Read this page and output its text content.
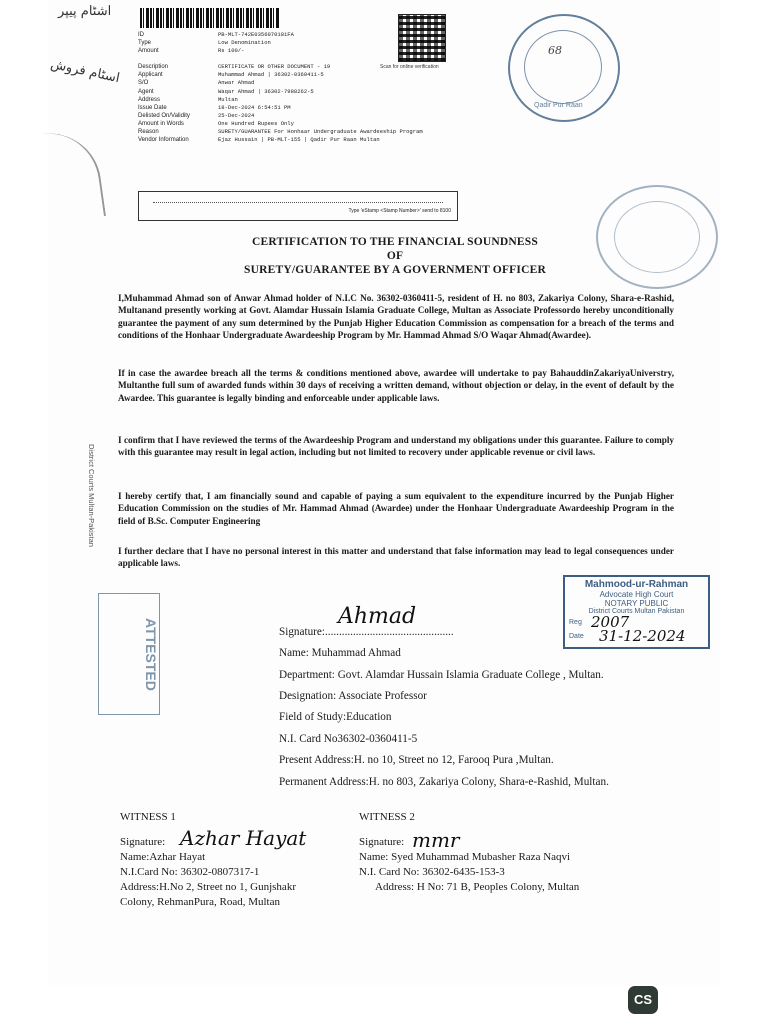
اشٹام پیپر
اسٹام فروش	Scan for online verification
ID	PB-MLT-742E0356070181FA
Type	Low Denomination
Amount	Rs 100/-
Description	CERTIFICATE OR OTHER DOCUMENT - 19
Applicant	Muhammad Ahmad | 36302-0360411-5
S/O	Anwar Ahmad
Agent	Waqar Ahmad | 36302-7988262-5
Address	Multan
Issue Date	18-Dec-2024 6:54:51 PM
Delisted On/Validity	25-Dec-2024
Amount in Words	One Hundred Rupees Only
Reason	SURETY/GUARANTEE For Honhaar Undergraduate Awardeeship Program
Vendor Information	Ejaz Hussain | PB-MLT-155 | Qadir Pur Raan Multan
Type 'eStamp <Stamp Number>' send to 8100
68
Qadir Pur Raan
CERTIFICATION TO THE FINANCIAL SOUNDNESS
OF
SURETY/GUARANTEE BY A GOVERNMENT OFFICER
I,Muhammad Ahmad son of Anwar Ahmad holder of N.I.C No. 36302-0360411-5, resident of H. no 803, Zakariya Colony, Shara-e-Rashid, Multanand presently working at Govt. Alamdar Hussain Islamia Graduate College, Multan as Associate Professordo hereby unconditionally guarantee the payment of any sum determined by the Punjab Higher Education Commission as compensation for a breach of the terms and conditions of the Honhaar Undergraduate Awardeeship Program by Mr. Hammad Ahmad S/O Waqar Ahmad(Awardee).
If in case the awardee breach all the terms & conditions mentioned above, awardee will undertake to pay BahauddinZakariyaUniverstry, Multanthe full sum of awarded funds within 30 days of receiving a written demand, without objection or delay, in the event of default by the Awardee. This guarantee is legally binding and enforceable under applicable laws.
I confirm that I have reviewed the terms of the Awardeeship Program and understand my obligations under this guarantee. Failure to comply with this guarantee may result in legal action, including but not limited to recovery under applicable revenue or civil laws.
I hereby certify that, I am financially sound and capable of paying a sum equivalent to the expenditure incurred by the Punjab Higher Education Commission on the studies of Mr. Hammad Ahmad (Awardee) under the Honhaar Undergraduate Awardeeship Program in the field of B.Sc. Computer Engineering
I further declare that I have no personal interest in this matter and understand that false information may lead to legal consequences under applicable laws.
District Courts Multan-Pakistan
ATTESTED
Mahmood-ur-Rahman
Advocate High Court
NOTARY PUBLIC
District Courts Multan Pakistan
Reg 2007
Date 31-12-2024
Ahmad
Signature:..............................................
Name: Muhammad Ahmad
Department: Govt. Alamdar Hussain Islamia Graduate College , Multan.
Designation: Associate Professor
Field of Study:Education
N.I. Card No36302-0360411-5
Present Address:H. no 10, Street no 12, Farooq Pura ,Multan.
Permanent Address:H. no 803, Zakariya Colony, Shara-e-Rashid, Multan.
WITNESS 1
Signature:
Name:Azhar Hayat
N.I.Card No: 36302-0807317-1
Address:H.No 2, Street no 1, Gunjshakr
Colony, RehmanPura, Road, Multan
Azhar Hayat
WITNESS 2
Signature:
Name: Syed Muhammad Mubasher Raza Naqvi
N.I. Card No: 36302-6435-153-3
Address: H No: 71 B, Peoples Colony, Multan
mmr
CS
